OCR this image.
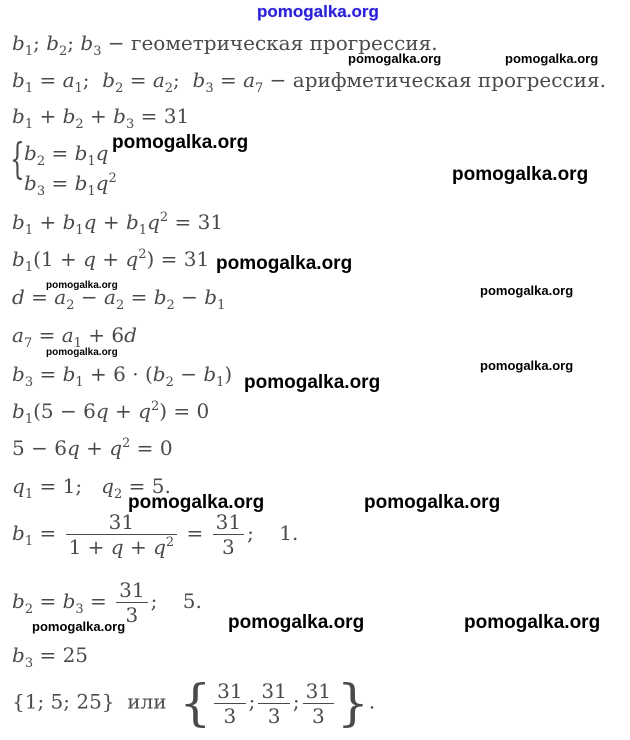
pomogalka.org
$b_1$; $b_2$; $b_3$ − геометрическая прогрессия.
$b_1 = a_1$;  $b_2 = a_2$;  $b_3 = a_7$ − арифметическая прогрессия.
$b_1 + b_2 + b_3 = 31$
{ $b_2 = b_1q$
$b_3 = b_1q^2$
$b_1 + b_1q + b_1q^2 = 31$
$b_1(1 + q + q^2) = 31$
$d = a_2 - a_2 = b_2 - b_1$
$a_7 = a_1 + 6d$
$b_3 = b_1 + 6 \cdot (b_2 - b_1)$
$b_1(5 - 6q + q^2) = 0$
$5 - 6q + q^2 = 0$
$q_1 = 1$;   $q_2 = 5$.
$b_1 = \frac{31}{1 + q + q^2} = \frac{31}{3}$ ;    1.
$b_2 = b_3 = \frac{31}{3}$ ;    5.
$b_3 = 25$
{1; 5; 25} или { $\frac{31}{3}$ ; $\frac{31}{3}$ ; $\frac{31}{3}$ }.
pomogalka.org	pomogalka.org
pomogalka.org
pomogalka.org
pomogalka.org
pomogalka.org	pomogalka.org
pomogalka.org
pomogalka.org
pomogalka.org
pomogalka.org	pomogalka.org
pomogalka.org	pomogalka.org
pomogalka.org
